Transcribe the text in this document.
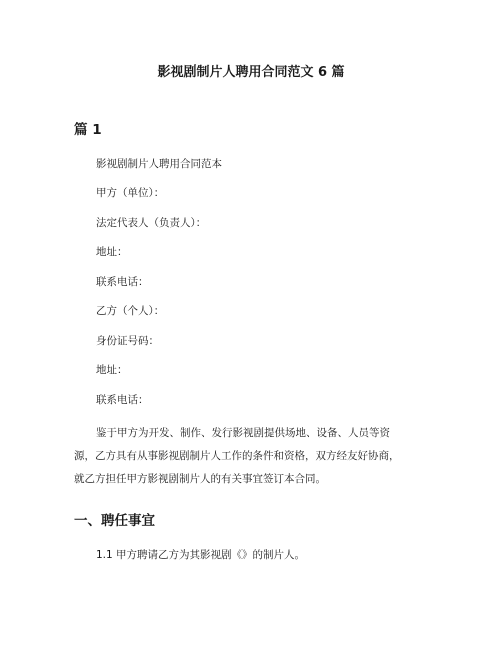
影视剧制片人聘用合同范文 6 篇
篇 1
影视剧制片人聘用合同范本
甲方（单位）：
法定代表人（负责人）：
地址：
联系电话：
乙方（个人）：
身份证号码：
地址：
联系电话：
鉴于甲方为开发、制作、发行影视剧提供场地、设备、人员等资
源，乙方具有从事影视剧制片人工作的条件和资格，双方经友好协商，
就乙方担任甲方影视剧制片人的有关事宜签订本合同。
一、聘任事宜
1.1 甲方聘请乙方为其影视剧《》的制片人。
